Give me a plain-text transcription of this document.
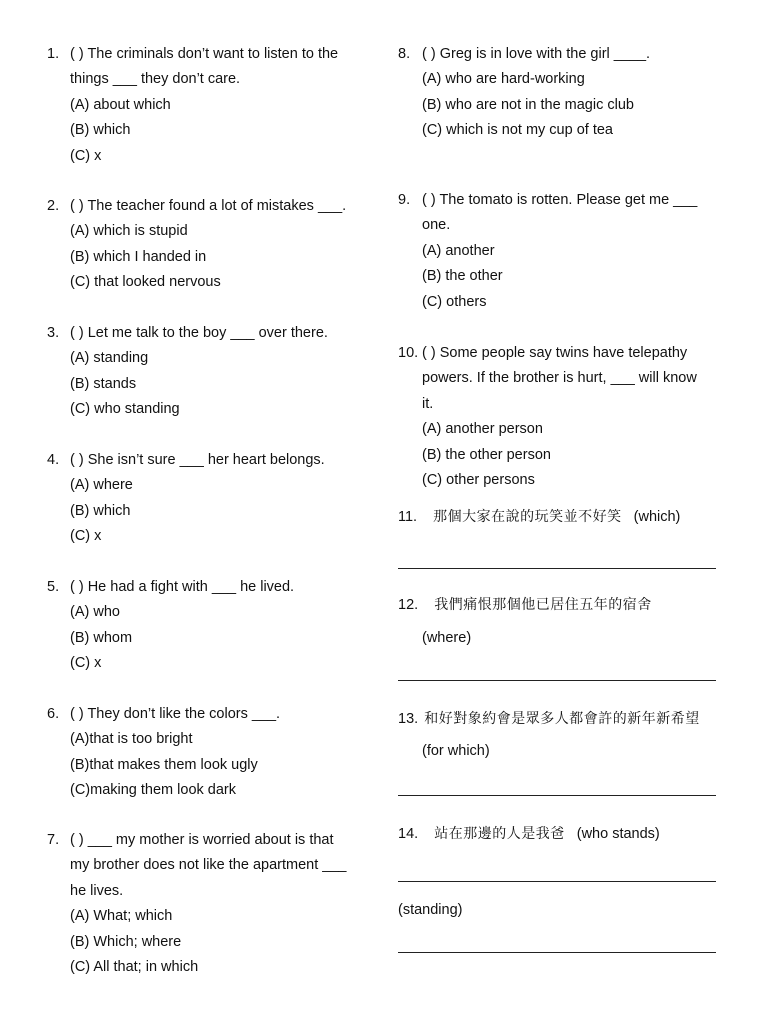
1. ( ) The criminals don’t want to listen to the
things ___ they don’t care.
(A) about which
(B) which
(C) x
2. ( ) The teacher found a lot of mistakes ___.
(A) which is stupid
(B) which I handed in
(C) that looked nervous
3. ( ) Let me talk to the boy ___ over there.
(A) standing
(B) stands
(C) who standing
4. ( ) She isn’t sure ___ her heart belongs.
(A) where
(B) which
(C) x
5. ( ) He had a fight with ___ he lived.
(A) who
(B) whom
(C) x
6. ( ) They don’t like the colors ___.
(A)that is too bright
(B)that makes them look ugly
(C)making them look dark
7. ( ) ___ my mother is worried about is that
my brother does not like the apartment ___
he lives.
(A) What; which
(B) Which; where
(C) All that; in which
8. ( ) Greg is in love with the girl ____.
(A) who are hard-working
(B) who are not in the magic club
(C) which is not my cup of tea
9. ( ) The tomato is rotten. Please get me ___
one.
(A) another
(B) the other
(C) others
10. ( ) Some people say twins have telepathy
powers. If the brother is hurt, ___ will know
it.
(A) another person
(B) the other person
(C) other persons
11. 那個大家在說的玩笑並不好笑 (which)
12. 我們痛恨那個他已居住五年的宿舍
(where)
13. 和好對象約會是眾多人都會許的新年新希望
(for which)
14. 站在那邊的人是我爸 (who stands)
(standing)
